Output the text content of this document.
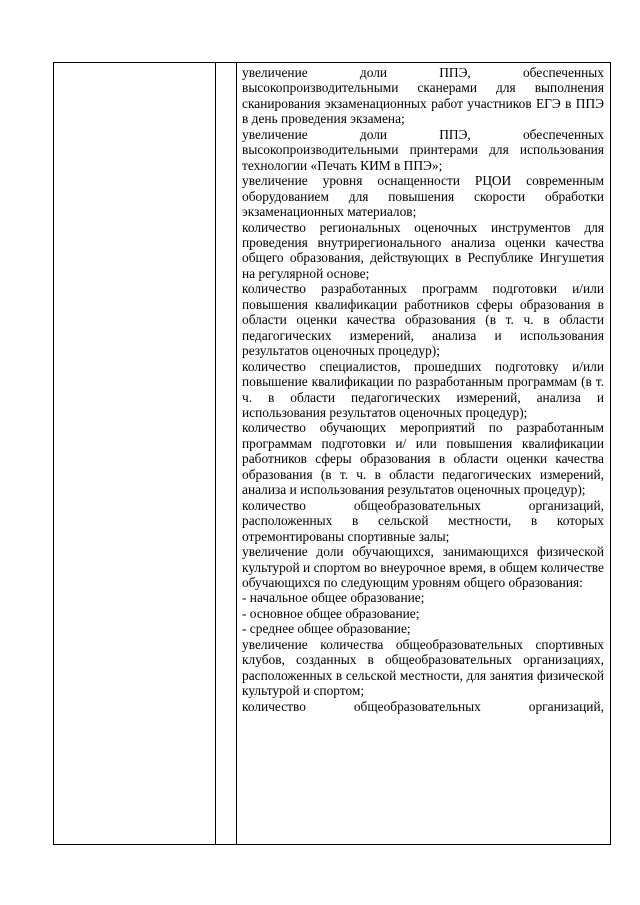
увеличение доли ППЭ, обеспеченных высокопроизводительными сканерами для выполнения сканирования экзаменационных работ участников ЕГЭ в ППЭ в день проведения экзамена;

увеличение доли ППЭ, обеспеченных высокопроизводительными принтерами для использования технологии «Печать КИМ в ППЭ»;

увеличение уровня оснащенности РЦОИ современным оборудованием для повышения скорости обработки экзаменационных материалов;

количество региональных оценочных инструментов для проведения внутрирегионального анализа оценки качества общего образования, действующих в Республике Ингушетия на регулярной основе;

количество разработанных программ подготовки и/или повышения квалификации работников сферы образования в области оценки качества образования (в т. ч. в области педагогических измерений, анализа и использования результатов оценочных процедур);

количество специалистов, прошедших подготовку и/или повышение квалификации по разработанным программам (в т. ч. в области педагогических измерений, анализа и использования результатов оценочных процедур);

количество обучающих мероприятий по разработанным программам подготовки и/ или повышения квалификации работников сферы образования в области оценки качества образования (в т. ч. в области педагогических измерений, анализа и использования результатов оценочных процедур);

количество общеобразовательных организаций, расположенных в сельской местности, в которых отремонтированы спортивные залы;

увеличение доли обучающихся, занимающихся физической культурой и спортом во внеурочное время, в общем количестве обучающихся по следующим уровням общего образования:

- начальное общее образование;

- основное общее образование;

- среднее общее образование;

увеличение количества общеобразовательных спортивных клубов, созданных в общеобразовательных организациях, расположенных в сельской местности, для занятия физической культурой и спортом;

количество общеобразовательных организаций,
